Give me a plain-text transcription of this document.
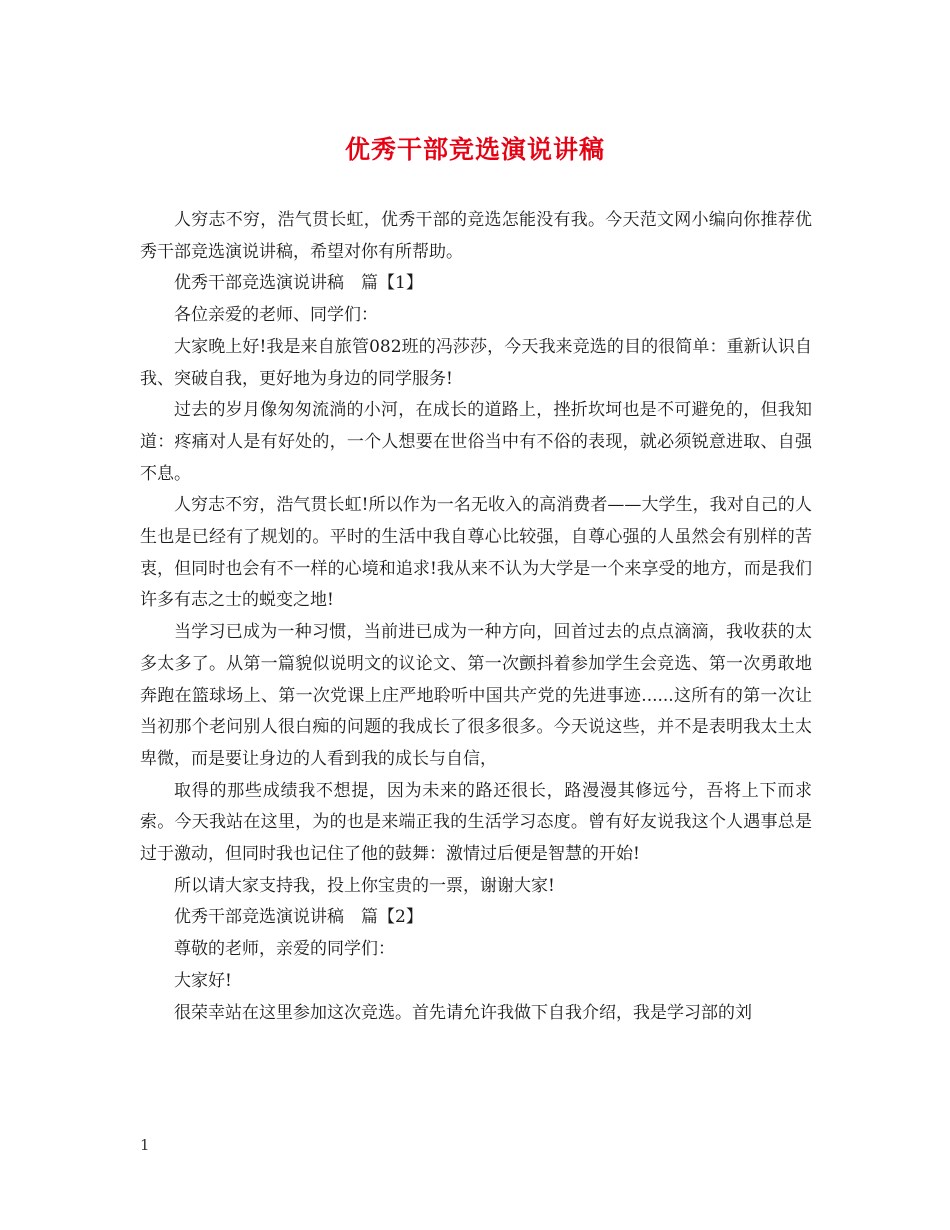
优秀干部竞选演说讲稿

人穷志不穷，浩气贯长虹，优秀干部的竞选怎能没有我。今天范文网小编向你推荐优秀干部竞选演说讲稿，希望对你有所帮助。

优秀干部竞选演说讲稿　篇【1】

各位亲爱的老师、同学们：

大家晚上好!我是来自旅管082班的冯莎莎，今天我来竞选的目的很简单：重新认识自我、突破自我，更好地为身边的同学服务!

过去的岁月像匆匆流淌的小河，在成长的道路上，挫折坎坷也是不可避免的，但我知道：疼痛对人是有好处的，一个人想要在世俗当中有不俗的表现，就必须锐意进取、自强不息。

人穷志不穷，浩气贯长虹!所以作为一名无收入的高消费者——大学生，我对自己的人生也是已经有了规划的。平时的生活中我自尊心比较强，自尊心强的人虽然会有别样的苦衷，但同时也会有不一样的心境和追求!我从来不认为大学是一个来享受的地方，而是我们许多有志之士的蜕变之地!

当学习已成为一种习惯，当前进已成为一种方向，回首过去的点点滴滴，我收获的太多太多了。从第一篇貌似说明文的议论文、第一次颤抖着参加学生会竞选、第一次勇敢地奔跑在篮球场上、第一次党课上庄严地聆听中国共产党的先进事迹......这所有的第一次让当初那个老问别人很白痴的问题的我成长了很多很多。今天说这些，并不是表明我太土太卑微，而是要让身边的人看到我的成长与自信，

取得的那些成绩我不想提，因为未来的路还很长，路漫漫其修远兮，吾将上下而求索。今天我站在这里，为的也是来端正我的生活学习态度。曾有好友说我这个人遇事总是过于激动，但同时我也记住了他的鼓舞：激情过后便是智慧的开始!

所以请大家支持我，投上你宝贵的一票，谢谢大家!

优秀干部竞选演说讲稿　篇【2】

尊敬的老师，亲爱的同学们：

大家好!

很荣幸站在这里参加这次竞选。首先请允许我做下自我介绍，我是学习部的刘

1
